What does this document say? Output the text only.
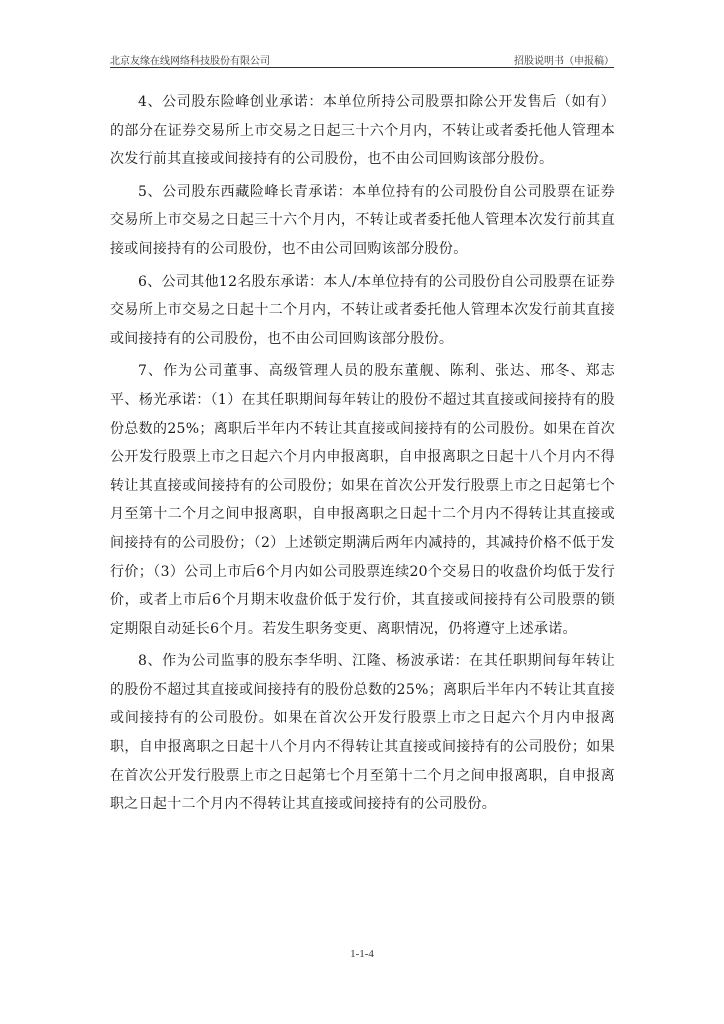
北京友缘在线网络科技股份有限公司	招股说明书（申报稿）

4、公司股东险峰创业承诺：本单位所持公司股票扣除公开发售后（如有）的部分在证券交易所上市交易之日起三十六个月内，不转让或者委托他人管理本次发行前其直接或间接持有的公司股份，也不由公司回购该部分股份。

5、公司股东西藏险峰长青承诺：本单位持有的公司股份自公司股票在证券交易所上市交易之日起三十六个月内，不转让或者委托他人管理本次发行前其直接或间接持有的公司股份，也不由公司回购该部分股份。

6、公司其他12名股东承诺：本人/本单位持有的公司股份自公司股票在证券交易所上市交易之日起十二个月内，不转让或者委托他人管理本次发行前其直接或间接持有的公司股份，也不由公司回购该部分股份。

7、作为公司董事、高级管理人员的股东董舰、陈利、张达、邢冬、郑志平、杨光承诺：（1）在其任职期间每年转让的股份不超过其直接或间接持有的股份总数的25%；离职后半年内不转让其直接或间接持有的公司股份。如果在首次公开发行股票上市之日起六个月内申报离职，自申报离职之日起十八个月内不得转让其直接或间接持有的公司股份；如果在首次公开发行股票上市之日起第七个月至第十二个月之间申报离职，自申报离职之日起十二个月内不得转让其直接或间接持有的公司股份；（2）上述锁定期满后两年内减持的，其减持价格不低于发行价；（3）公司上市后6个月内如公司股票连续20个交易日的收盘价均低于发行价，或者上市后6个月期末收盘价低于发行价，其直接或间接持有公司股票的锁定期限自动延长6个月。若发生职务变更、离职情况，仍将遵守上述承诺。

8、作为公司监事的股东李华明、江隆、杨波承诺：在其任职期间每年转让的股份不超过其直接或间接持有的股份总数的25%；离职后半年内不转让其直接或间接持有的公司股份。如果在首次公开发行股票上市之日起六个月内申报离职，自申报离职之日起十八个月内不得转让其直接或间接持有的公司股份；如果在首次公开发行股票上市之日起第七个月至第十二个月之间申报离职，自申报离职之日起十二个月内不得转让其直接或间接持有的公司股份。

1-1-4
